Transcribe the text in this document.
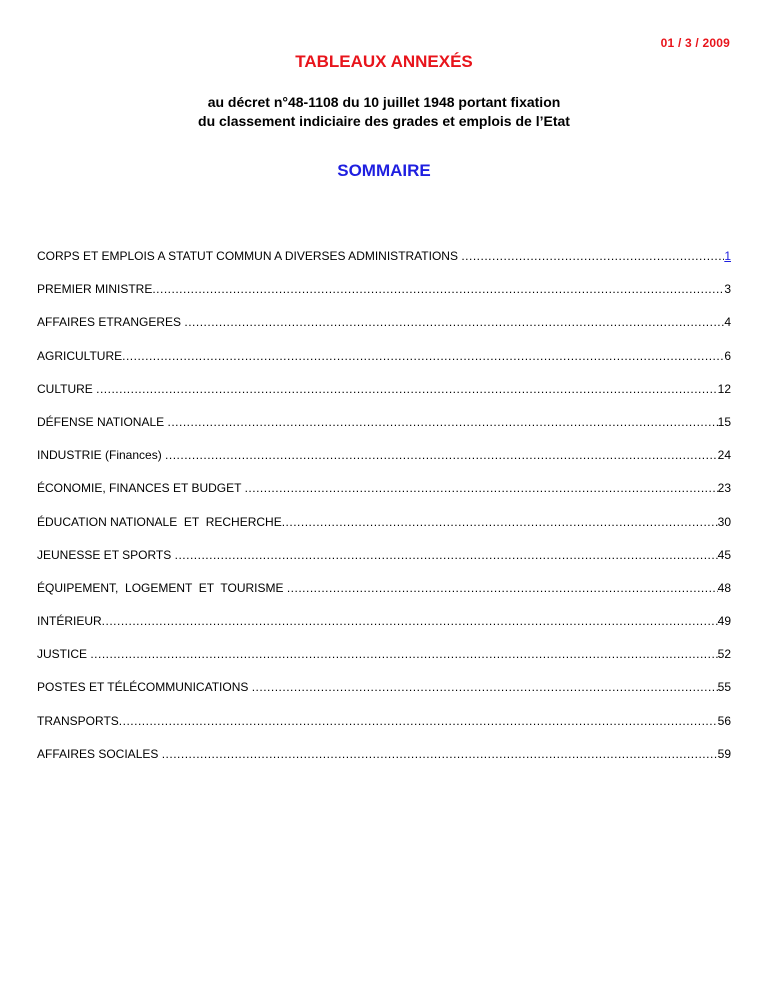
01 / 3 / 2009
TABLEAUX ANNEXÉS
au décret n°48-1108 du 10 juillet 1948 portant fixation
du classement indiciaire des grades et emplois de l’Etat
SOMMAIRE
CORPS ET EMPLOIS A STATUT COMMUN A DIVERSES ADMINISTRATIONS .....	1
PREMIER MINISTRE .....	3
AFFAIRES ETRANGERES .....	4
AGRICULTURE .....	6
CULTURE .....	12
DÉFENSE NATIONALE .....	15
INDUSTRIE (Finances) .....	24
ÉCONOMIE, FINANCES ET BUDGET .....	23
ÉDUCATION NATIONALE  ET  RECHERCHE .....	30
JEUNESSE ET SPORTS .....	45
ÉQUIPEMENT,  LOGEMENT  ET  TOURISME .....	48
INTÉRIEUR .....	49
JUSTICE .....	52
POSTES ET TÉLÉCOMMUNICATIONS .....	55
TRANSPORTS .....	56
AFFAIRES SOCIALES .....	59
